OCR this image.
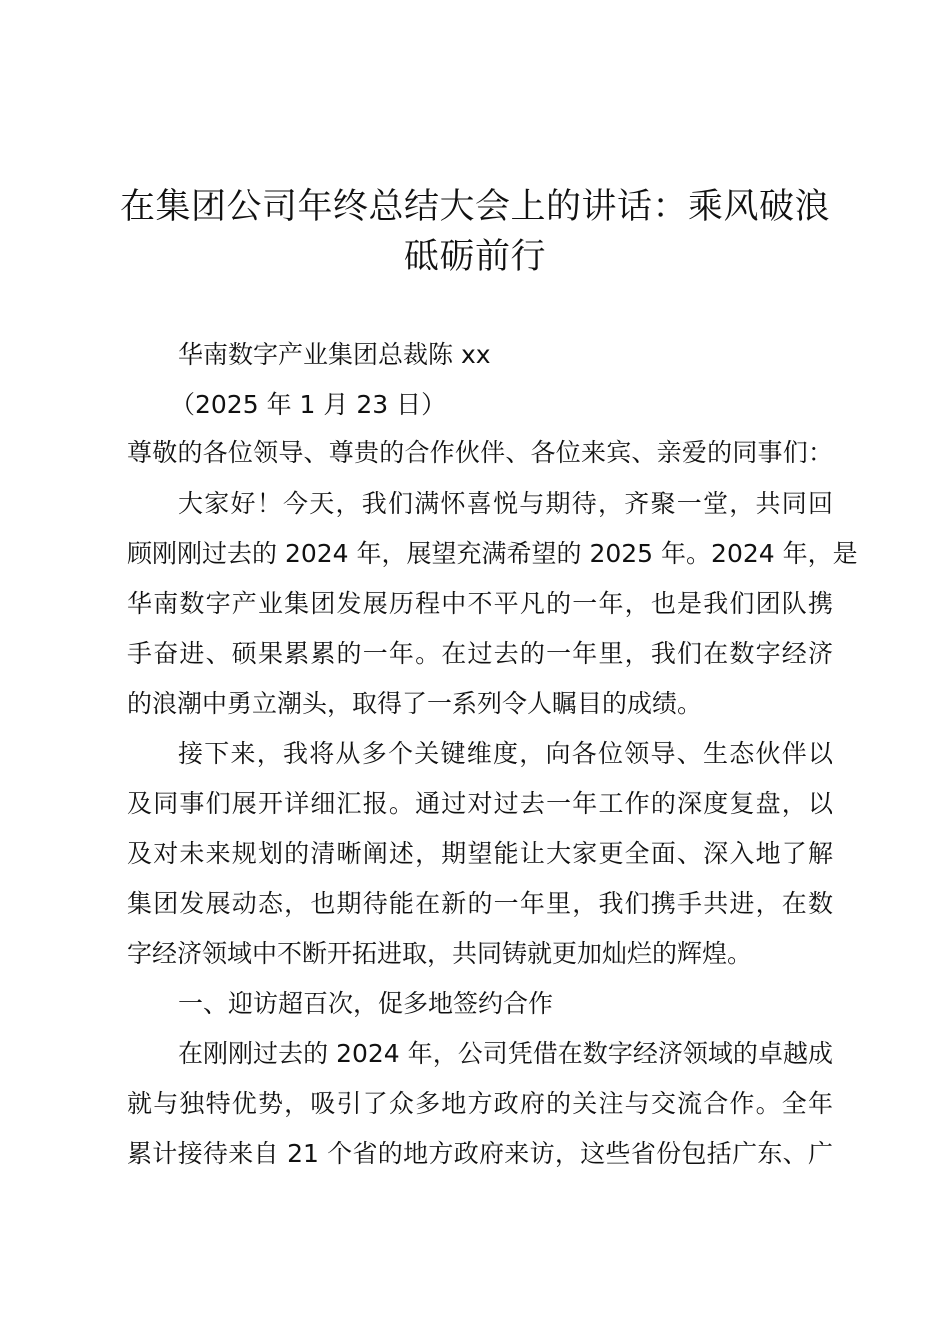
在集团公司年终总结大会上的讲话：乘风破浪
砥砺前行
华南数字产业集团总裁陈 xx
（2025 年 1 月 23 日）
尊敬的各位领导、尊贵的合作伙伴、各位来宾、亲爱的同事们：
大家好！今天，我们满怀喜悦与期待，齐聚一堂，共同回
顾刚刚过去的 2024 年，展望充满希望的 2025 年。2024 年，是
华南数字产业集团发展历程中不平凡的一年，也是我们团队携
手奋进、硕果累累的一年。在过去的一年里，我们在数字经济
的浪潮中勇立潮头，取得了一系列令人瞩目的成绩。
接下来，我将从多个关键维度，向各位领导、生态伙伴以
及同事们展开详细汇报。通过对过去一年工作的深度复盘，以
及对未来规划的清晰阐述，期望能让大家更全面、深入地了解
集团发展动态，也期待能在新的一年里，我们携手共进，在数
字经济领域中不断开拓进取，共同铸就更加灿烂的辉煌。
一、迎访超百次，促多地签约合作
在刚刚过去的 2024 年，公司凭借在数字经济领域的卓越成
就与独特优势，吸引了众多地方政府的关注与交流合作。全年
累计接待来自 21 个省的地方政府来访，这些省份包括广东、广
